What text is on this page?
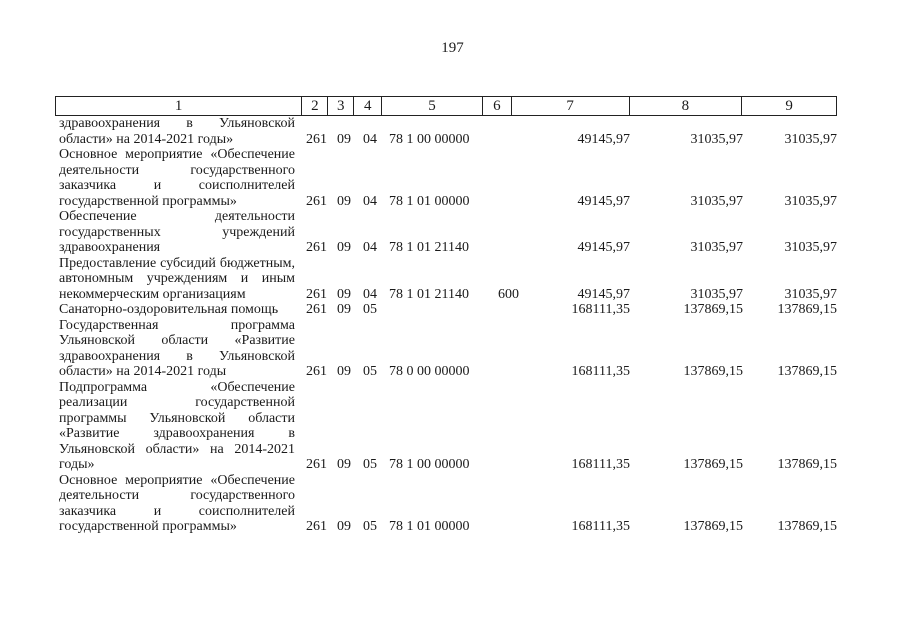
197
1	2	3	4	5	6	7	8	9
здравоохранения в Ульяновской области» на 2014-2021 годы»	261 09 04 78 1 00 00000	49145,97	31035,97	31035,97
Основное мероприятие «Обеспечение деятельности государственного заказчика и соисполнителей государственной программы»	261 09 04 78 1 01 00000	49145,97	31035,97	31035,97
Обеспечение деятельности государственных учреждений здравоохранения	261 09 04 78 1 01 21140	49145,97	31035,97	31035,97
Предоставление субсидий бюджетным, автономным учреждениям и иным некоммерческим организациям	261 09 04 78 1 01 21140	600	49145,97	31035,97	31035,97
Санаторно-оздоровительная помощь	261 09 05	168111,35	137869,15	137869,15
Государственная программа Ульяновской области «Развитие здравоохранения в Ульяновской области» на 2014-2021 годы	261 09 05 78 0 00 00000	168111,35	137869,15	137869,15
Подпрограмма «Обеспечение реализации государственной программы Ульяновской области «Развитие здравоохранения в Ульяновской области» на 2014-2021 годы»	261 09 05 78 1 00 00000	168111,35	137869,15	137869,15
Основное мероприятие «Обеспечение деятельности государственного заказчика и соисполнителей государственной программы»	261 09 05 78 1 01 00000	168111,35	137869,15	137869,15
